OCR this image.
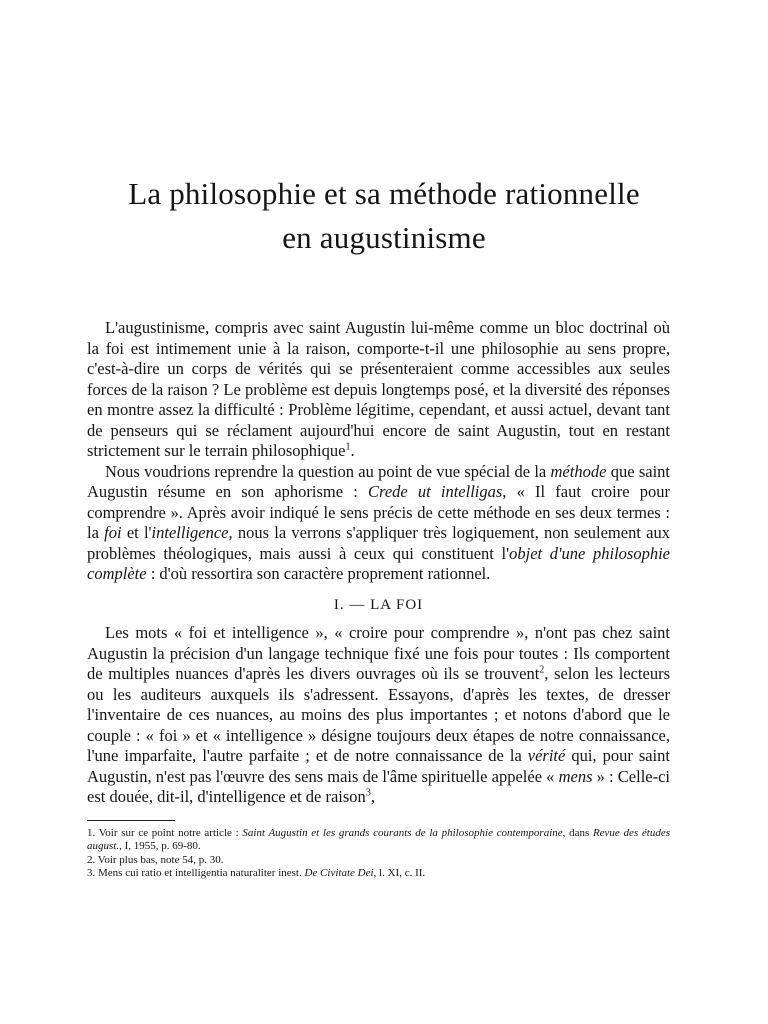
La philosophie et sa méthode rationnelle
en augustinisme

L'augustinisme, compris avec saint Augustin lui-même comme un bloc doctrinal où la foi est intimement unie à la raison, comporte-t-il une philosophie au sens propre, c'est-à-dire un corps de vérités qui se présenteraient comme accessibles aux seules forces de la raison ? Le problème est depuis longtemps posé, et la diversité des réponses en montre assez la difficulté : Problème légitime, cependant, et aussi actuel, devant tant de penseurs qui se réclament aujourd'hui encore de saint Augustin, tout en restant strictement sur le terrain philosophique$^1$.

Nous voudrions reprendre la question au point de vue spécial de la méthode que saint Augustin résume en son aphorisme : Crede ut intelligas, « Il faut croire pour comprendre ». Après avoir indiqué le sens précis de cette méthode en ses deux termes : la foi et l'intelligence, nous la verrons s'appliquer très logiquement, non seulement aux problèmes théologiques, mais aussi à ceux qui constituent l'objet d'une philosophie complète : d'où ressortira son caractère proprement rationnel.

I. — LA FOI

Les mots « foi et intelligence », « croire pour comprendre », n'ont pas chez saint Augustin la précision d'un langage technique fixé une fois pour toutes : Ils comportent de multiples nuances d'après les divers ouvrages où ils se trouvent$^2$, selon les lecteurs ou les auditeurs auxquels ils s'adressent. Essayons, d'après les textes, de dresser l'inventaire de ces nuances, au moins des plus importantes ; et notons d'abord que le couple : « foi » et « intelligence » désigne toujours deux étapes de notre connaissance, l'une imparfaite, l'autre parfaite ; et de notre connaissance de la vérité qui, pour saint Augustin, n'est pas l'œuvre des sens mais de l'âme spirituelle appelée « mens » : Celle-ci est douée, dit-il, d'intelligence et de raison$^3$,

1. Voir sur ce point notre article : Saint Augustin et les grands courants de la philosophie contemporaine, dans Revue des études august., I, 1955, p. 69-80.
2. Voir plus bas, note 54, p. 30.
3. Mens cui ratio et intelligentia naturaliter inest. De Civitate Dei, l. XI, c. II.
